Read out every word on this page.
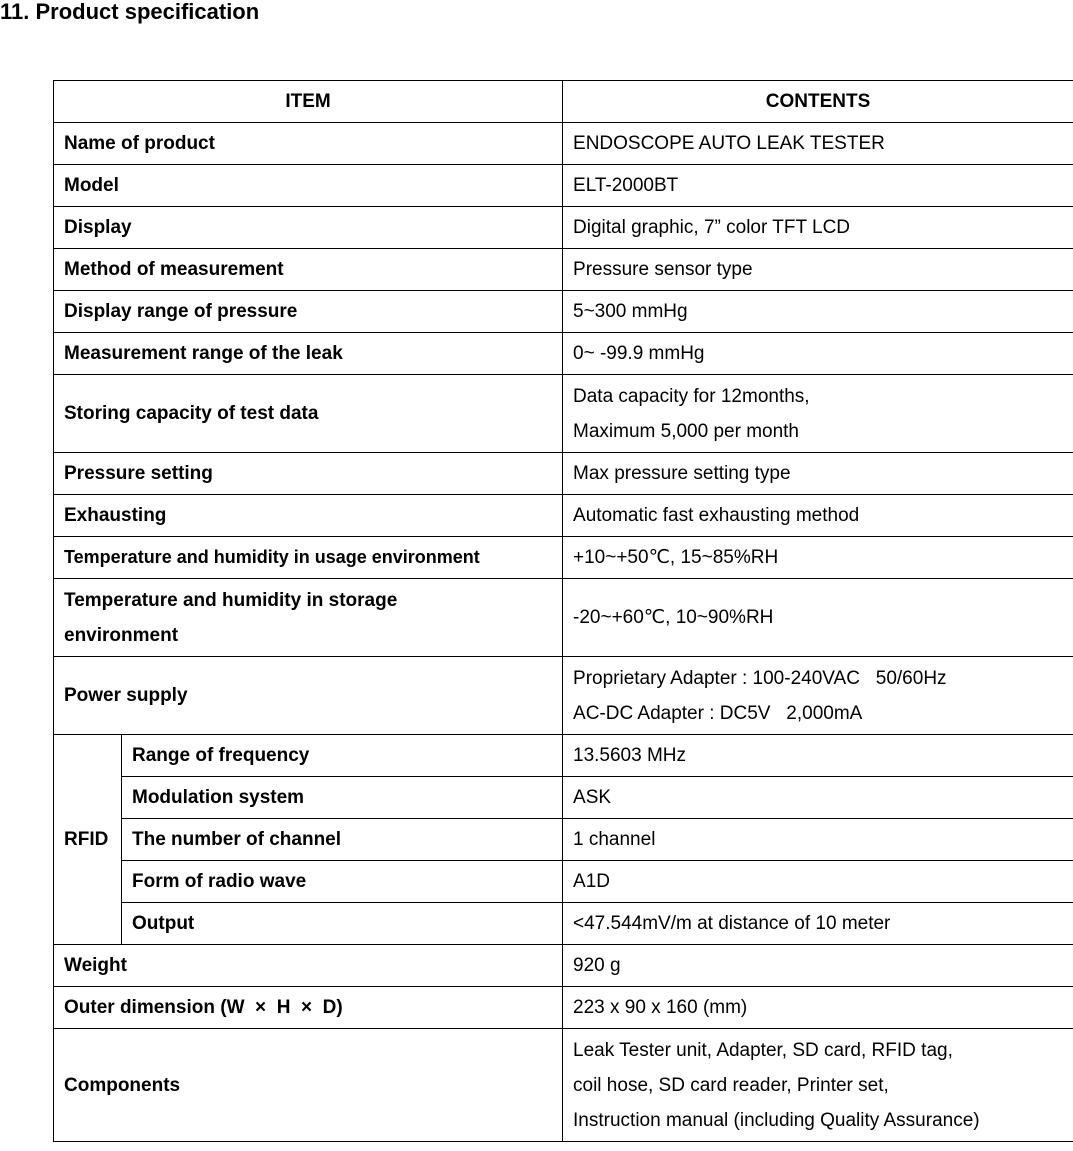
11. Product specification
ITEM		CONTENTS
Name of product		ENDOSCOPE AUTO LEAK TESTER

Model		ELT-2000BT

Display		Digital graphic, 7” color TFT LCD

Method of measurement		Pressure sensor type

Display range of pressure		5~300 mmHg

Measurement range of the leak		0~ -99.9 mmHg

Storing capacity of test data		Data capacity for 12months,
Maximum 5,000 per month

Pressure setting		Max pressure setting type

Exhausting		Automatic fast exhausting method

Temperature and humidity in usage environment		+10~+50℃, 15~85%RH

Temperature and humidity in storage environment		-20~+60℃, 10~90%RH

Power supply		Proprietary Adapter : 100-240VAC   50/60Hz
AC-DC Adapter : DC5V   2,000mA

RFID	Range of frequency	13.5603 MHz

	Modulation system	ASK

	The number of channel	1 channel

	Form of radio wave	A1D

	Output	<47.544mV/m at distance of 10 meter

Weight		920 g

Outer dimension (W  ×  H  ×  D)		223 x 90 x 160 (mm)

Components		Leak Tester unit, Adapter, SD card, RFID tag,
coil hose, SD card reader, Printer set,
Instruction manual (including Quality Assurance)
